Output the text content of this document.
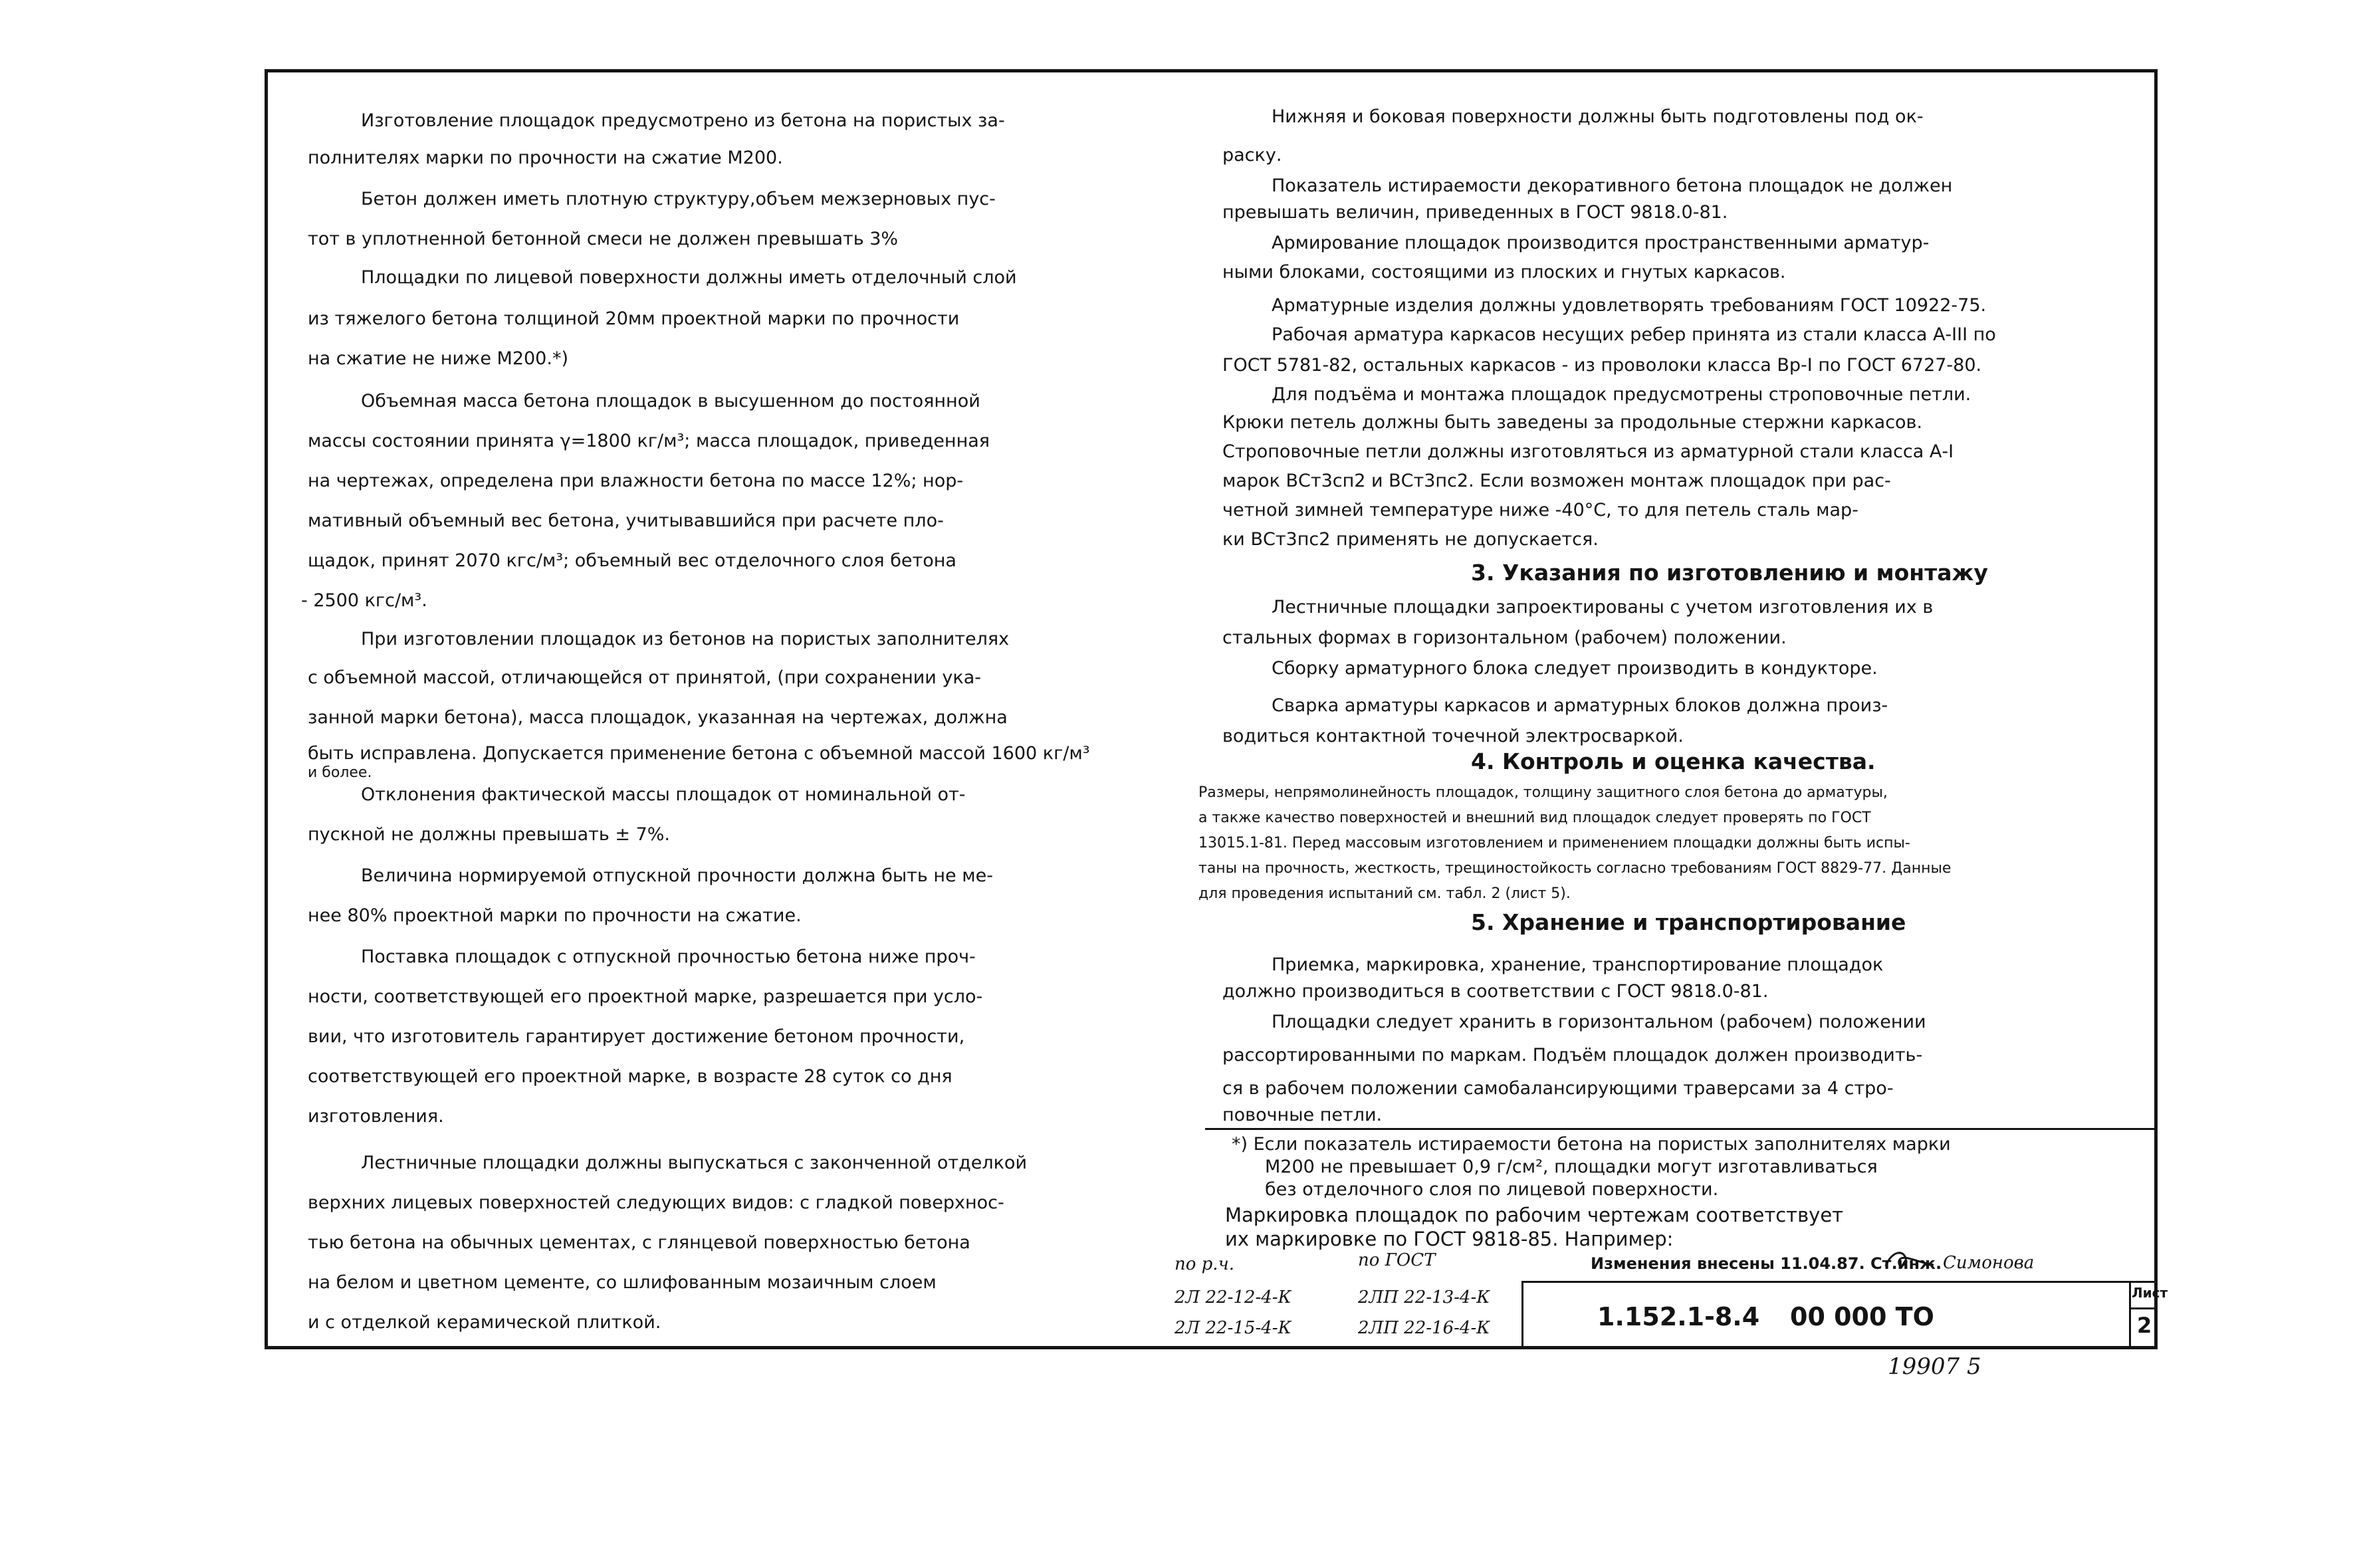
Изготовление площадок предусмотрено из бетона на пористых за-
полнителях марки по прочности на сжатие М200.
Бетон должен иметь плотную структуру,объем межзерновых пус-
тот в уплотненной бетонной смеси не должен превышать 3%
Площадки по лицевой поверхности должны иметь отделочный слой
из тяжелого бетона толщиной 20мм проектной марки по прочности
на сжатие не ниже М200.*)
Объемная масса бетона площадок в высушенном до постоянной
массы состоянии принята γ=1800 кг/м³; масса площадок, приведенная
на чертежах, определена при влажности бетона по массе 12%; нор-
мативный объемный вес бетона, учитывавшийся при расчете пло-
щадок, принят 2070 кгс/м³; объемный вес отделочного слоя бетона
- 2500 кгс/м³.
При изготовлении площадок из бетонов на пористых заполнителях
с объемной массой, отличающейся от принятой, (при сохранении ука-
занной марки бетона), масса площадок, указанная на чертежах, должна
быть исправлена. Допускается применение бетона с объемной массой 1600 кг/м³
и более.
Отклонения фактической массы площадок от номинальной от-
пускной не должны превышать ± 7%.
Величина нормируемой отпускной прочности должна быть не ме-
нее 80% проектной марки по прочности на сжатие.
Поставка площадок с отпускной прочностью бетона ниже проч-
ности, соответствующей его проектной марке, разрешается при усло-
вии, что изготовитель гарантирует достижение бетоном прочности,
соответствующей его проектной марке, в возрасте 28 суток со дня
изготовления.
Лестничные площадки должны выпускаться с законченной отделкой
верхних лицевых поверхностей следующих видов: с гладкой поверхнос-
тью бетона на обычных цементах, с глянцевой поверхностью бетона
на белом и цветном цементе, со шлифованным мозаичным слоем
и с отделкой керамической плиткой.
Нижняя и боковая поверхности должны быть подготовлены под ок-
раску.
Показатель истираемости декоративного бетона площадок не должен
превышать величин, приведенных в ГОСТ 9818.0-81.
Армирование площадок производится пространственными арматур-
ными блоками, состоящими из плоских и гнутых каркасов.
Арматурные изделия должны удовлетворять требованиям ГОСТ 10922-75.
Рабочая арматура каркасов несущих ребер принята из стали класса А-III по
ГОСТ 5781-82, остальных каркасов - из проволоки класса Вр-I по ГОСТ 6727-80.
Для подъёма и монтажа площадок предусмотрены строповочные петли.
Крюки петель должны быть заведены за продольные стержни каркасов.
Строповочные петли должны изготовляться из арматурной стали класса А-I
марок ВСт3сп2 и ВСт3пс2. Если возможен монтаж площадок при рас-
четной зимней температуре ниже -40°С, то для петель сталь мар-
ки ВСт3пс2 применять не допускается.
3. Указания по изготовлению и монтажу
Лестничные площадки запроектированы с учетом изготовления их в
стальных формах в горизонтальном (рабочем) положении.
Сборку арматурного блока следует производить в кондукторе.
Сварка арматуры каркасов и арматурных блоков должна произ-
водиться контактной точечной электросваркой.
4. Контроль и оценка качества.
Размеры, непрямолинейность площадок, толщину защитного слоя бетона до арматуры,
а также качество поверхностей и внешний вид площадок следует проверять по ГОСТ
13015.1-81. Перед массовым изготовлением и применением площадки должны быть испы-
таны на прочность, жесткость, трещиностойкость согласно требованиям ГОСТ 8829-77. Данные
для проведения испытаний см. табл. 2 (лист 5).
5. Хранение и транспортирование
Приемка, маркировка, хранение, транспортирование площадок
должно производиться в соответствии с ГОСТ 9818.0-81.
Площадки следует хранить в горизонтальном (рабочем) положении
рассортированными по маркам. Подъём площадок должен производить-
ся в рабочем положении самобалансирующими траверсами за 4 стро-
повочные петли.
*) Если показатель истираемости бетона на пористых заполнителях марки
М200 не превышает 0,9 г/см², площадки могут изготавливаться
без отделочного слоя по лицевой поверхности.
Маркировка площадок по рабочим чертежам соответствует
их маркировке по ГОСТ 9818-85. Например:
по р.ч.	по ГОСТ
2Л 22-12-4-К	2ЛП 22-13-4-К
2Л 22-15-4-К	2ЛП 22-16-4-К
Изменения внесены 11.04.87. Ст.инж. Симонова
1.152.1-8.4 00 000 ТО
Лист
2
19907 5
